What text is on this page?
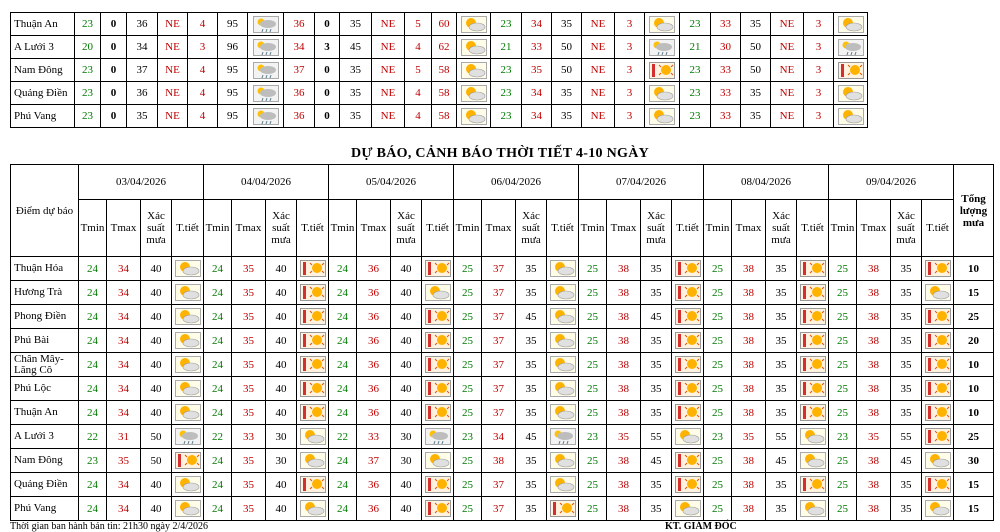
Thuận An	23	0	36	NE	4	95		36	0	35	NE	5	60		23	34	35	NE	3		23	33	35	NE	3	
A Lưới 3	20	0	34	NE	3	96		34	3	45	NE	4	62		21	33	50	NE	3		21	30	50	NE	3	
Nam Đông	23	0	37	NE	4	95		37	0	35	NE	5	58		23	35	50	NE	3		23	33	50	NE	3	
Quảng Điền	23	0	36	NE	4	95		36	0	35	NE	4	58		23	34	35	NE	3		23	33	35	NE	3	
Phú Vang	23	0	35	NE	4	95		36	0	35	NE	4	58		23	34	35	NE	3		23	33	35	NE	3	
DỰ BÁO, CẢNH BÁO THỜI TIẾT 4-10 NGÀY
Điểm dự báo	03/04/2026				04/04/2026				05/04/2026				06/04/2026				07/04/2026				08/04/2026				09/04/2026				Tổng lượng mưa
	Tmin	Tmax	Xác suất mưa	T.tiết	Tmin	Tmax	Xác suất mưa	T.tiết	Tmin	Tmax	Xác suất mưa	T.tiết	Tmin	Tmax	Xác suất mưa	T.tiết	Tmin	Tmax	Xác suất mưa	T.tiết	Tmin	Tmax	Xác suất mưa	T.tiết	Tmin	Tmax	Xác suất mưa	T.tiết	
Thuận Hóa	24	34	40		24	35	40		24	36	40		25	37	35		25	38	35		25	38	35		25	38	35		10
Hương Trà	24	34	40		24	35	40		24	36	40		25	37	35		25	38	35		25	38	35		25	38	35		15
Phong Điền	24	34	40		24	35	40		24	36	40		25	37	45		25	38	45		25	38	35		25	38	35		25
Phú Bài	24	34	40		24	35	40		24	36	40		25	37	35		25	38	35		25	38	35		25	38	35		20
Chân Mây-Lăng Cô	24	34	40		24	35	40		24	36	40		25	37	35		25	38	35		25	38	35		25	38	35		10
Phú Lộc	24	34	40		24	35	40		24	36	40		25	37	35		25	38	35		25	38	35		25	38	35		10
Thuận An	24	34	40		24	35	40		24	36	40		25	37	35		25	38	35		25	38	35		25	38	35		10
A Lưới 3	22	31	50		22	33	30		22	33	30		23	34	45		23	35	55		23	35	55		23	35	55		25
Nam Đông	23	35	50		24	35	30		24	37	30		25	38	35		25	38	45		25	38	45		25	38	45		30
Quảng Điền	24	34	40		24	35	40		24	36	40		25	37	35		25	38	35		25	38	35		25	38	35		15
Phú Vang	24	34	40		24	35	40		24	36	40		25	37	35		25	38	35		25	38	35		25	38	35		15
Thời gian ban hành bản tin: 21h30 ngày 2/4/2026	KT. GIÁM ĐỐC
